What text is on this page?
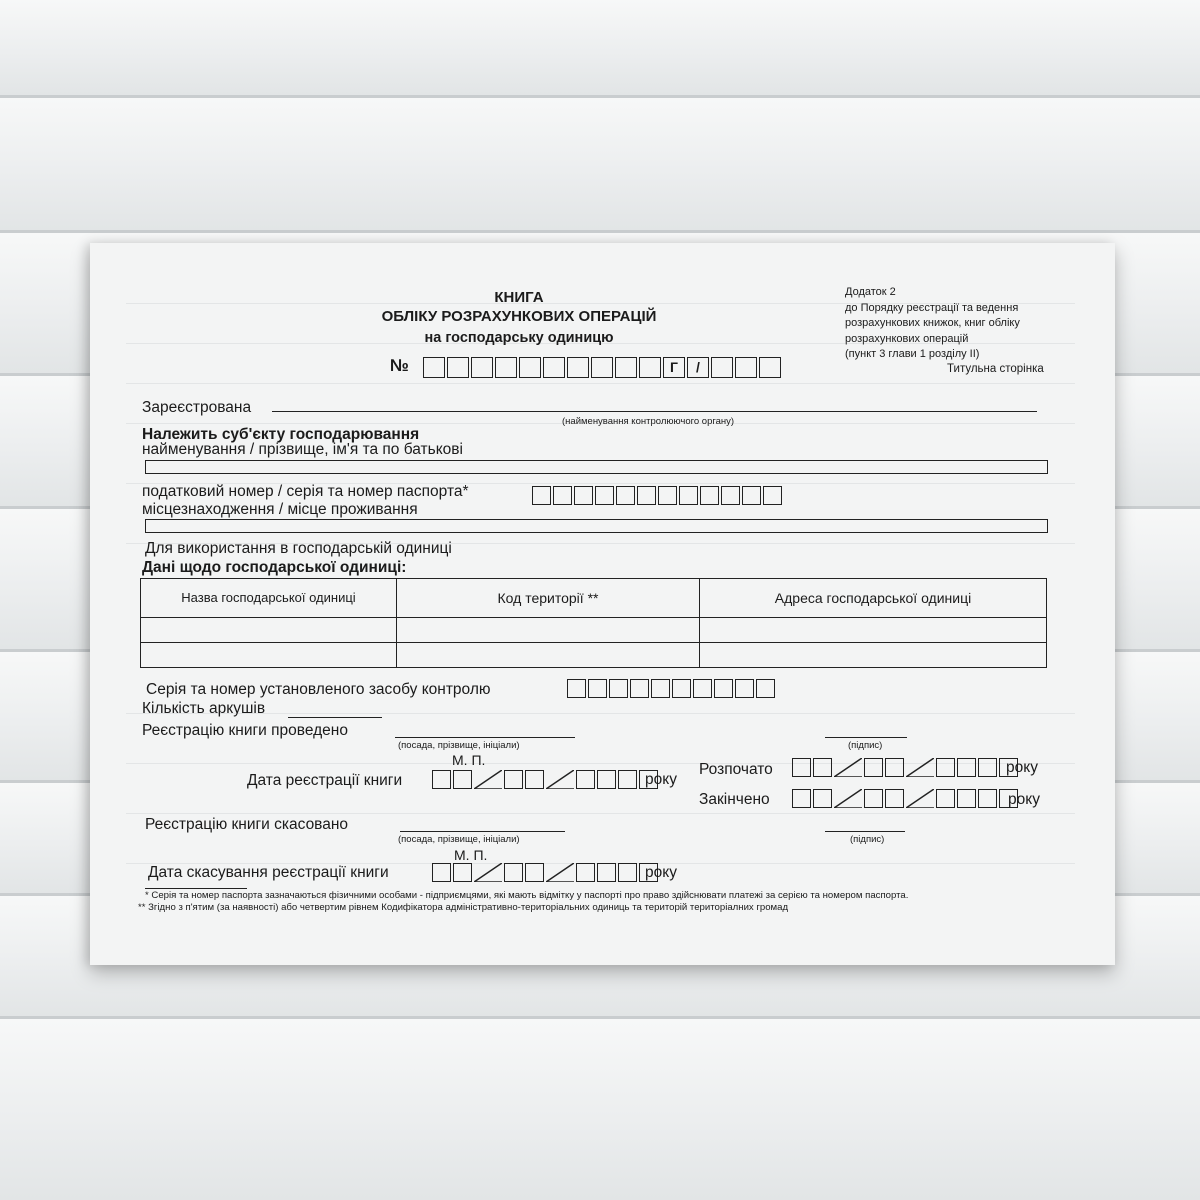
КНИГА
ОБЛІКУ РОЗРАХУНКОВИХ ОПЕРАЦІЙ
на господарську одиницю
Додаток 2
до Порядку реєстрації та ведення
розрахункових книжок, книг обліку
розрахункових операцій
(пункт 3 глави 1 розділу ІІ)
Титульна сторінка
№	Г /
Зареєстрована
(найменування контролюючого органу)
Належить суб'єкту господарювання
найменування / прізвище, ім'я та по батькові
податковий номер / серія та номер паспорта*
місцезнаходження / місце проживання
Для використання в господарській одиниці
Дані щодо господарської одиниці:
Назва господарської одиниці	Код території **	Адреса господарської одиниці

Серія та номер установленого засобу контролю
Кількість аркушів
Реєстрацію книги проведено
(посада, прізвище, ініціали)	(підпис)
М. П.
Дата реєстрації книги	року
Розпочато	року
Закінчено	року
Реєстрацію книги скасовано
(посада, прізвище, ініціали)	(підпис)
М. П.
Дата скасування реєстрації книги	року
* Серія та номер паспорта зазначаються фізичними особами - підприємцями, які мають відмітку у паспорті про право здійснювати платежі за серією та номером паспорта.
** Згідно з п'ятим (за наявності) або четвертим рівнем Кодифікатора адміністративно-територіальних одиниць та територій територіалних громад
